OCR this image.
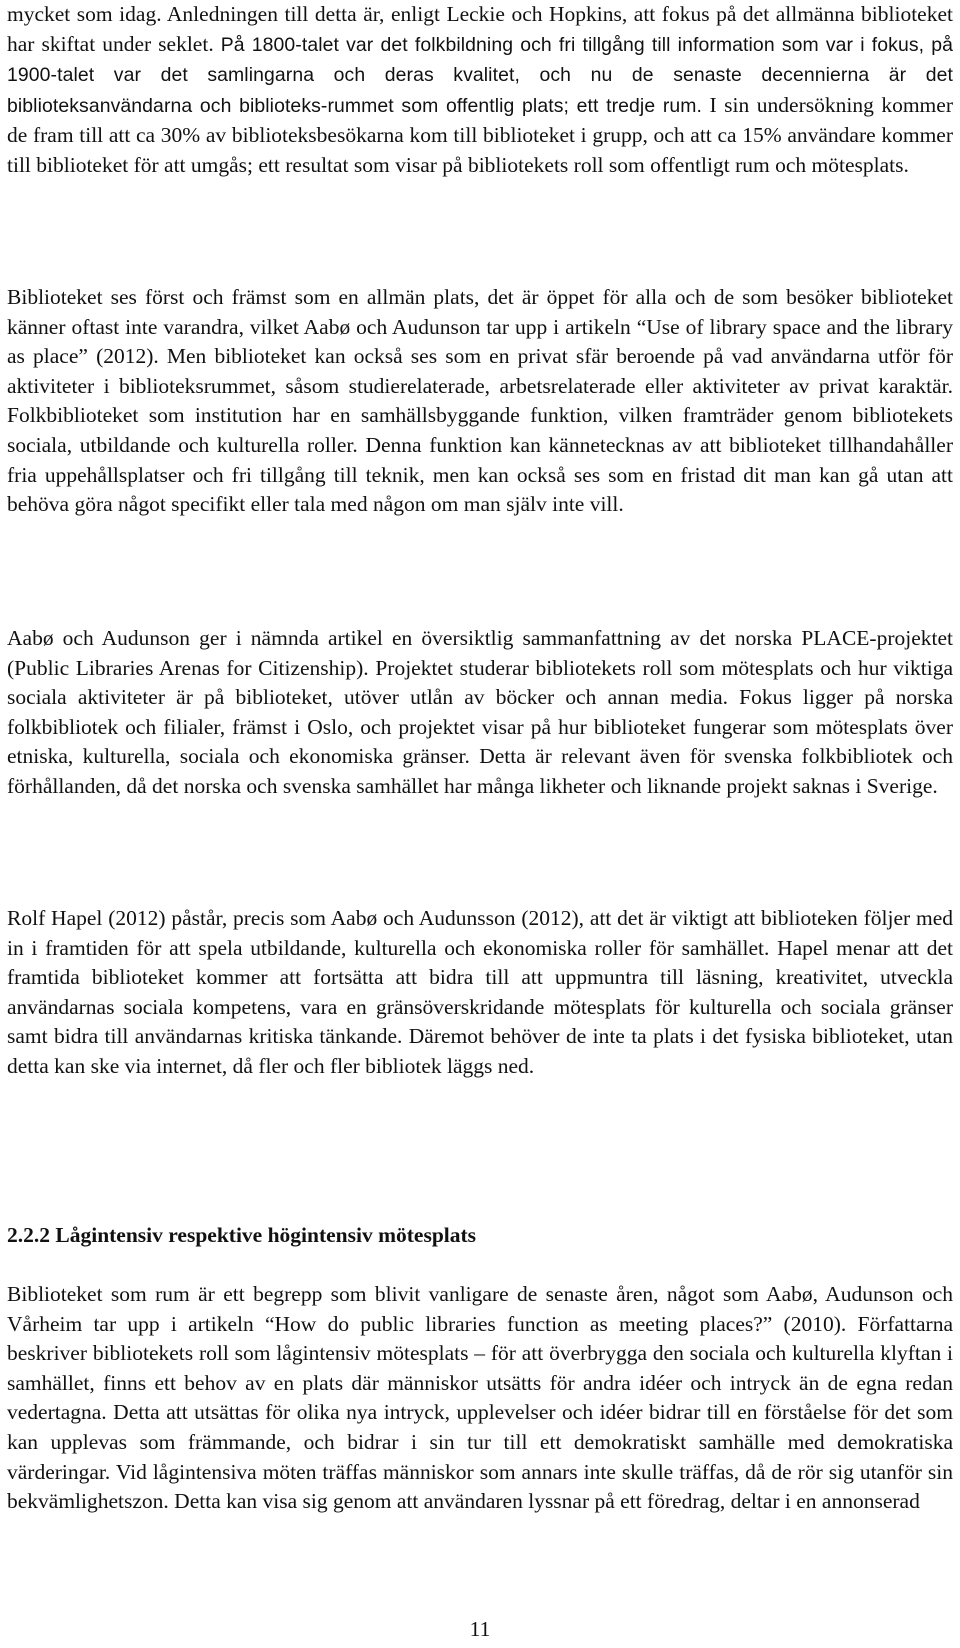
mycket som idag. Anledningen till detta är, enligt Leckie och Hopkins, att fokus på det allmänna biblioteket har skiftat under seklet. På 1800-talet var det folkbildning och fri tillgång till information som var i fokus, på 1900-talet var det samlingarna och deras kvalitet, och nu de senaste decennierna är det biblioteksanvändarna och biblioteks-rummet som offentlig plats; ett tredje rum. I sin undersökning kommer de fram till att ca 30% av biblioteksbesökarna kom till biblioteket i grupp, och att ca 15% användare kommer till biblioteket för att umgås; ett resultat som visar på bibliotekets roll som offentligt rum och mötesplats.

Biblioteket ses först och främst som en allmän plats, det är öppet för alla och de som besöker biblioteket känner oftast inte varandra, vilket Aabø och Audunson tar upp i artikeln “Use of library space and the library as place” (2012). Men biblioteket kan också ses som en privat sfär beroende på vad användarna utför för aktiviteter i biblioteksrummet, såsom studierelaterade, arbetsrelaterade eller aktiviteter av privat karaktär. Folkbiblioteket som institution har en samhällsbyggande funktion, vilken framträder genom bibliotekets sociala, utbildande och kulturella roller. Denna funktion kan kännetecknas av att biblioteket tillhandahåller fria uppehållsplatser och fri tillgång till teknik, men kan också ses som en fristad dit man kan gå utan att behöva göra något specifikt eller tala med någon om man själv inte vill.

Aabø och Audunson ger i nämnda artikel en översiktlig sammanfattning av det norska PLACE-projektet (Public Libraries Arenas for Citizenship). Projektet studerar bibliotekets roll som mötesplats och hur viktiga sociala aktiviteter är på biblioteket, utöver utlån av böcker och annan media. Fokus ligger på norska folkbibliotek och filialer, främst i Oslo, och projektet visar på hur biblioteket fungerar som mötesplats över etniska, kulturella, sociala och ekonomiska gränser. Detta är relevant även för svenska folkbibliotek och förhållanden, då det norska och svenska samhället har många likheter och liknande projekt saknas i Sverige.

Rolf Hapel (2012) påstår, precis som Aabø och Audunsson (2012), att det är viktigt att biblioteken följer med in i framtiden för att spela utbildande, kulturella och ekonomiska roller för samhället. Hapel menar att det framtida biblioteket kommer att fortsätta att bidra till att uppmuntra till läsning, kreativitet, utveckla användarnas sociala kompetens, vara en gränsöverskridande mötesplats för kulturella och sociala gränser samt bidra till användarnas kritiska tänkande. Däremot behöver de inte ta plats i det fysiska biblioteket, utan detta kan ske via internet, då fler och fler bibliotek läggs ned.

2.2.2 Lågintensiv respektive högintensiv mötesplats

Biblioteket som rum är ett begrepp som blivit vanligare de senaste åren, något som Aabø, Audunson och Vårheim tar upp i artikeln “How do public libraries function as meeting places?” (2010). Författarna beskriver bibliotekets roll som lågintensiv mötesplats – för att överbrygga den sociala och kulturella klyftan i samhället, finns ett behov av en plats där människor utsätts för andra idéer och intryck än de egna redan vedertagna. Detta att utsättas för olika nya intryck, upplevelser och idéer bidrar till en förståelse för det som kan upplevas som främmande, och bidrar i sin tur till ett demokratiskt samhälle med demokratiska värderingar. Vid lågintensiva möten träffas människor som annars inte skulle träffas, då de rör sig utanför sin bekvämlighetszon. Detta kan visa sig genom att användaren lyssnar på ett föredrag, deltar i en annonserad

11
